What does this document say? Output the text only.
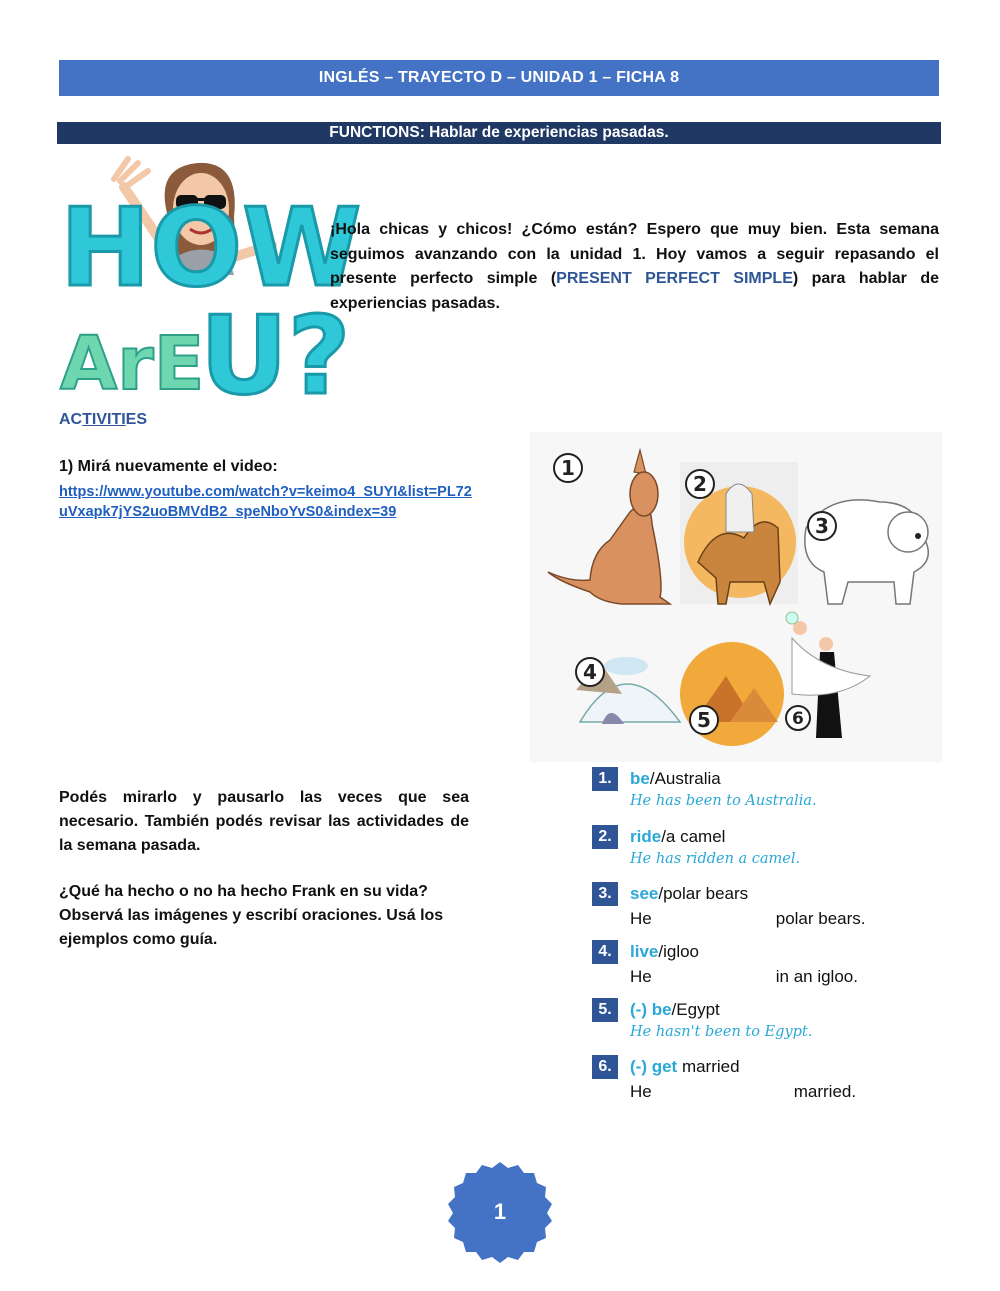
INGLÉS – TRAYECTO D – UNIDAD 1 – FICHA 8
FUNCTIONS: Hablar de experiencias pasadas.
HOW
ArE
U?
¡Hola chicas y chicos! ¿Cómo están? Espero que muy bien. Esta semana seguimos avanzando con la unidad 1. Hoy vamos a seguir repasando el presente perfecto simple (PRESENT PERFECT SIMPLE) para hablar de experiencias pasadas.
ACTIVITIES
1) Mirá nuevamente el video:
https://www.youtube.com/watch?v=keimo4_SUYI&list=PL72uVxapk7jYS2uoBMVdB2_speNboYvS0&index=39
1
2
3
4
5	6
Podés mirarlo y pausarlo las veces que sea necesario. También podés revisar las actividades de la semana pasada.
¿Qué ha hecho o no ha hecho Frank en su vida? Observá las imágenes y escribí oraciones. Usá los ejemplos como guía.
1.	be/Australia
He has been to Australia.
2.	ride/a camel
He has ridden a camel.
3.	see/polar bears
He	polar bears.
4.	live/igloo
He	in an igloo.
5.	(-) be/Egypt
He hasn't been to Egypt.
6.	(-) get married
He	married.
1
